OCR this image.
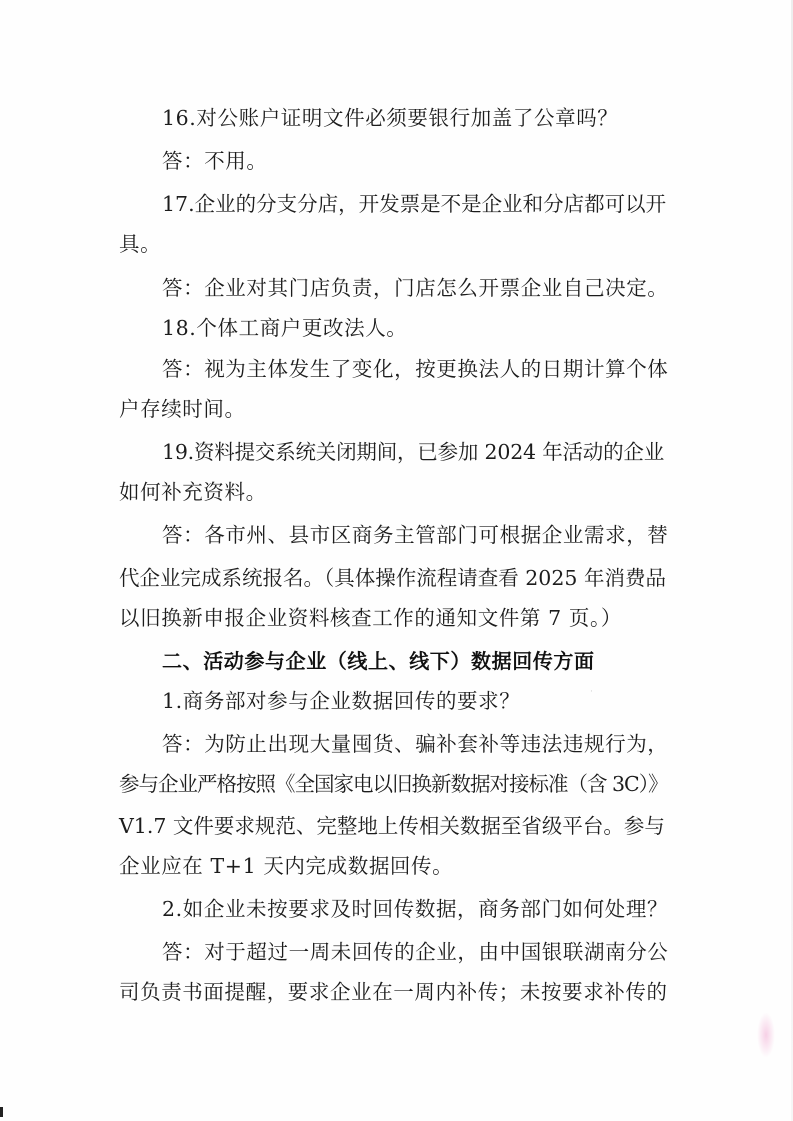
·

16.对公账户证明文件必须要银行加盖了公章吗？

答：不用。

17.企业的分支分店，开发票是不是企业和分店都可以开

具。

答：企业对其门店负责，门店怎么开票企业自己决定。

18.个体工商户更改法人。

答：视为主体发生了变化，按更换法人的日期计算个体

户存续时间。

19.资料提交系统关闭期间，已参加 2024 年活动的企业

如何补充资料。

答：各市州、县市区商务主管部门可根据企业需求，替

代企业完成系统报名。（具体操作流程请查看 2025 年消费品

以旧换新申报企业资料核查工作的通知文件第 7 页。）

二、活动参与企业（线上、线下）数据回传方面

1.商务部对参与企业数据回传的要求？

答：为防止出现大量囤货、骗补套补等违法违规行为，

参与企业严格按照《全国家电以旧换新数据对接标准（含 3C）》

V1.7 文件要求规范、完整地上传相关数据至省级平台。参与

企业应在 T+1 天内完成数据回传。

2.如企业未按要求及时回传数据，商务部门如何处理？

答：对于超过一周未回传的企业，由中国银联湖南分公

司负责书面提醒，要求企业在一周内补传；未按要求补传的
